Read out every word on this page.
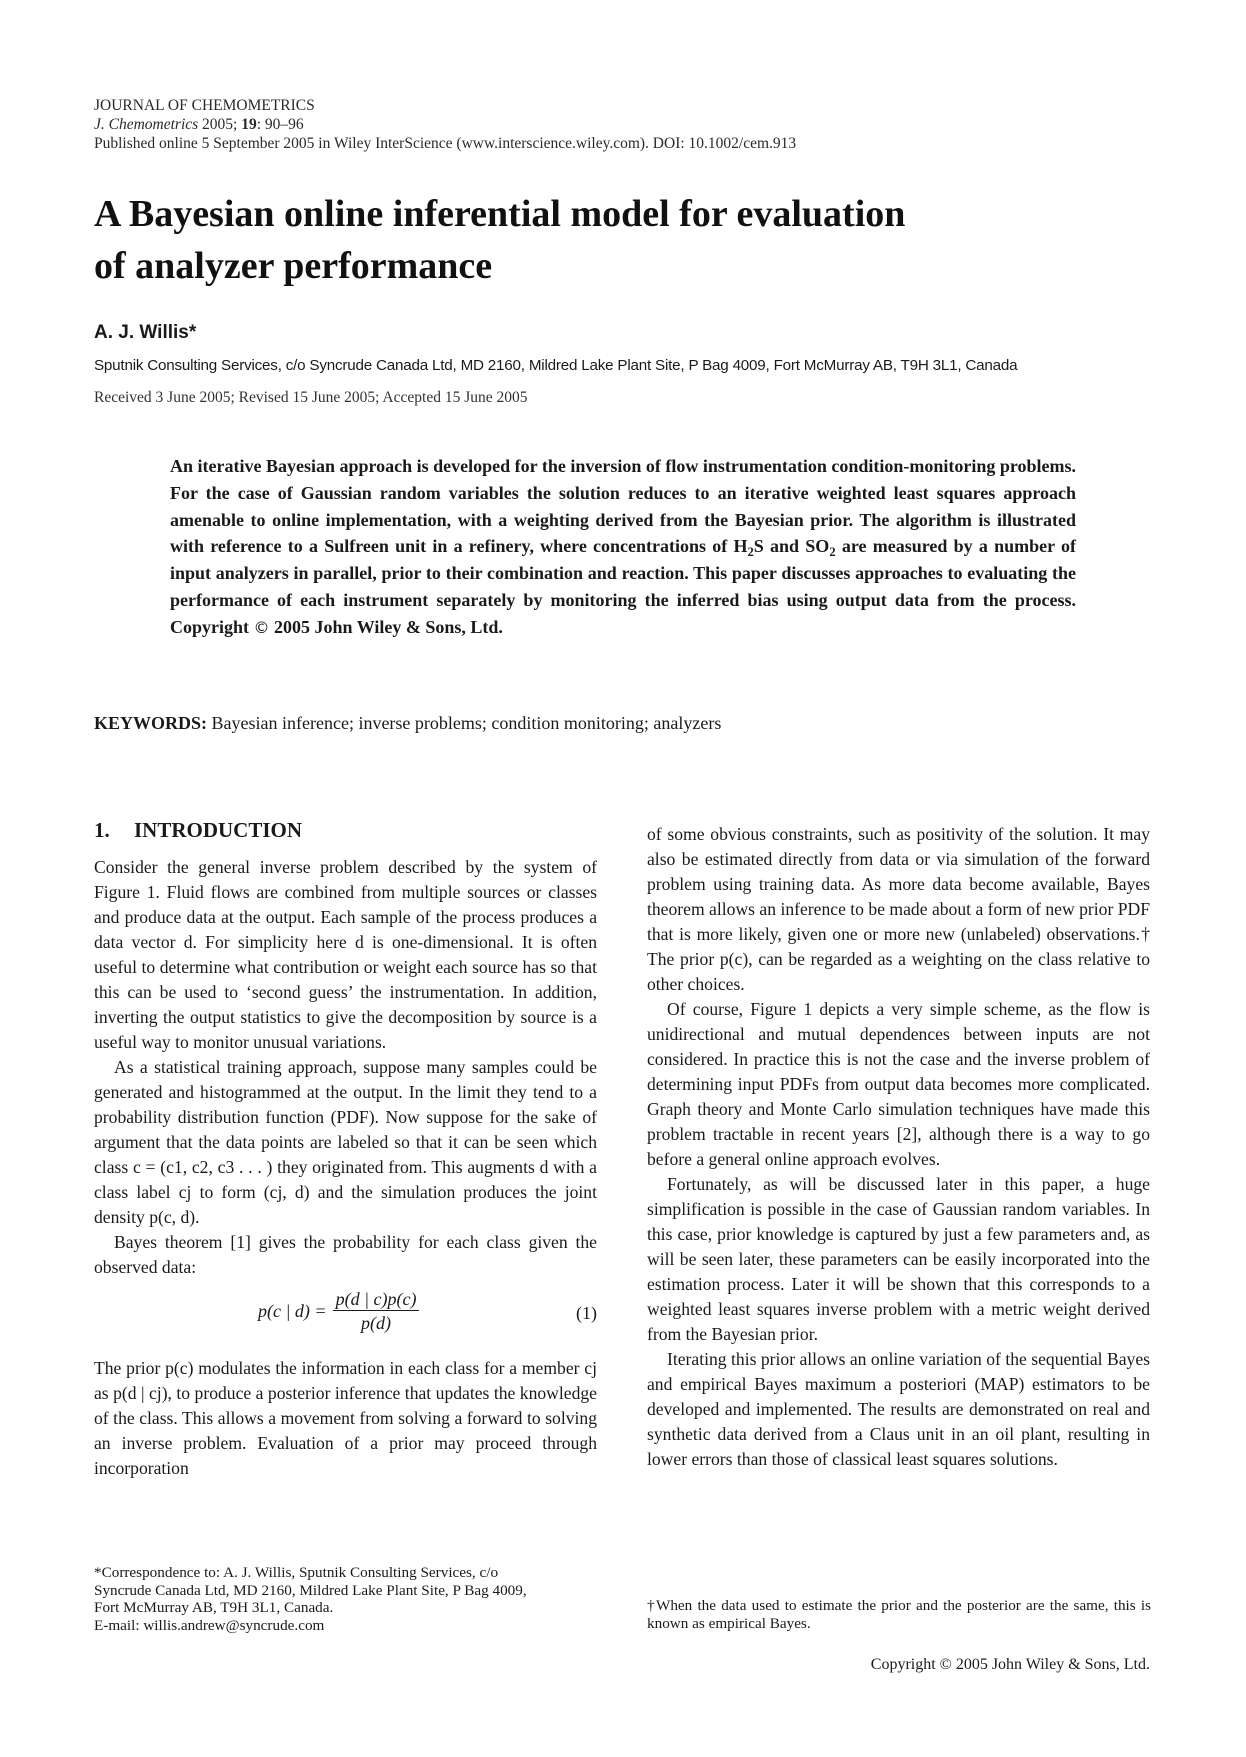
JOURNAL OF CHEMOMETRICS
J. Chemometrics 2005; 19: 90–96
Published online 5 September 2005 in Wiley InterScience (www.interscience.wiley.com). DOI: 10.1002/cem.913
A Bayesian online inferential model for evaluation
of analyzer performance
A. J. Willis*
Sputnik Consulting Services, c/o Syncrude Canada Ltd, MD 2160, Mildred Lake Plant Site, P Bag 4009, Fort McMurray AB, T9H 3L1, Canada
Received 3 June 2005; Revised 15 June 2005; Accepted 15 June 2005
An iterative Bayesian approach is developed for the inversion of flow instrumentation condition-monitoring problems. For the case of Gaussian random variables the solution reduces to an iterative weighted least squares approach amenable to online implementation, with a weighting derived from the Bayesian prior. The algorithm is illustrated with reference to a Sulfreen unit in a refinery, where concentrations of $H_2S$ and $SO_2$ are measured by a number of input analyzers in parallel, prior to their combination and reaction. This paper discusses approaches to evaluating the performance of each instrument separately by monitoring the inferred bias using output data from the process. Copyright © 2005 John Wiley & Sons, Ltd.
KEYWORDS: Bayesian inference; inverse problems; condition monitoring; analyzers
1. INTRODUCTION

Consider the general inverse problem described by the system of Figure 1. Fluid flows are combined from multiple sources or classes and produce data at the output. Each sample of the process produces a data vector d. For simplicity here d is one-dimensional. It is often useful to determine what contribution or weight each source has so that this can be used to ‘second guess’ the instrumentation. In addition, inverting the output statistics to give the decomposition by source is a useful way to monitor unusual variations.

As a statistical training approach, suppose many samples could be generated and histogrammed at the output. In the limit they tend to a probability distribution function (PDF). Now suppose for the sake of argument that the data points are labeled so that it can be seen which class c = (c1, c2, c3 . . . ) they originated from. This augments d with a class label cj to form (cj, d) and the simulation produces the joint density p(c, d).

Bayes theorem [1] gives the probability for each class given the observed data:

p(c | $d) = \frac{p(d | c)p(c)}{p(d)}$	(1)

The prior p(c) modulates the information in each class for a member cj as p(d | cj), to produce a posterior inference that updates the knowledge of the class. This allows a movement from solving a forward to solving an inverse problem. Evaluation of a prior may proceed through incorporation

of some obvious constraints, such as positivity of the solution. It may also be estimated directly from data or via simulation of the forward problem using training data. As more data become available, Bayes theorem allows an inference to be made about a form of new prior PDF that is more likely, given one or more new (unlabeled) observations.† The prior p(c), can be regarded as a weighting on the class relative to other choices.

Of course, Figure 1 depicts a very simple scheme, as the flow is unidirectional and mutual dependences between inputs are not considered. In practice this is not the case and the inverse problem of determining input PDFs from output data becomes more complicated. Graph theory and Monte Carlo simulation techniques have made this problem tractable in recent years [2], although there is a way to go before a general online approach evolves.

Fortunately, as will be discussed later in this paper, a huge simplification is possible in the case of Gaussian random variables. In this case, prior knowledge is captured by just a few parameters and, as will be seen later, these parameters can be easily incorporated into the estimation process. Later it will be shown that this corresponds to a weighted least squares inverse problem with a metric weight derived from the Bayesian prior.

Iterating this prior allows an online variation of the sequential Bayes and empirical Bayes maximum a posteriori (MAP) estimators to be developed and implemented. The results are demonstrated on real and synthetic data derived from a Claus unit in an oil plant, resulting in lower errors than those of classical least squares solutions.

*Correspondence to: A. J. Willis, Sputnik Consulting Services, c/o
Syncrude Canada Ltd, MD 2160, Mildred Lake Plant Site, P Bag 4009,
Fort McMurray AB, T9H 3L1, Canada.
E-mail: willis.andrew@syncrude.com
†When the data used to estimate the prior and the posterior are the same, this is known as empirical Bayes.
Copyright © 2005 John Wiley & Sons, Ltd.
